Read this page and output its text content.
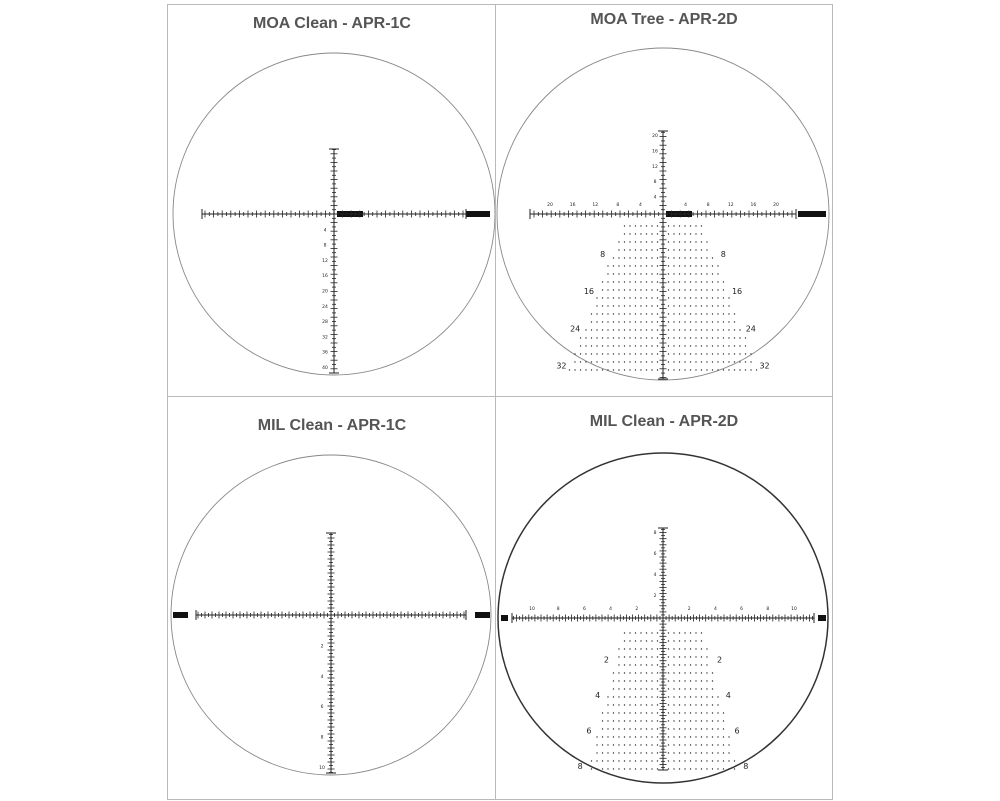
MOA Clean - APR-1C
4
8
12
16
20
24
28
32
36
40
MOA Tree - APR-2D
20
16
12
8
4
20	16	12	8	4	4	8	12	16	20
8	8
16	16
24	24
32	32
MIL Clean - APR-1C
2
4
6
8
10
MIL Clean - APR-2D
8
6
4
2
10	8	6	4	2	2	4	6	8	10
2	2
4	4
6	6
8	8
